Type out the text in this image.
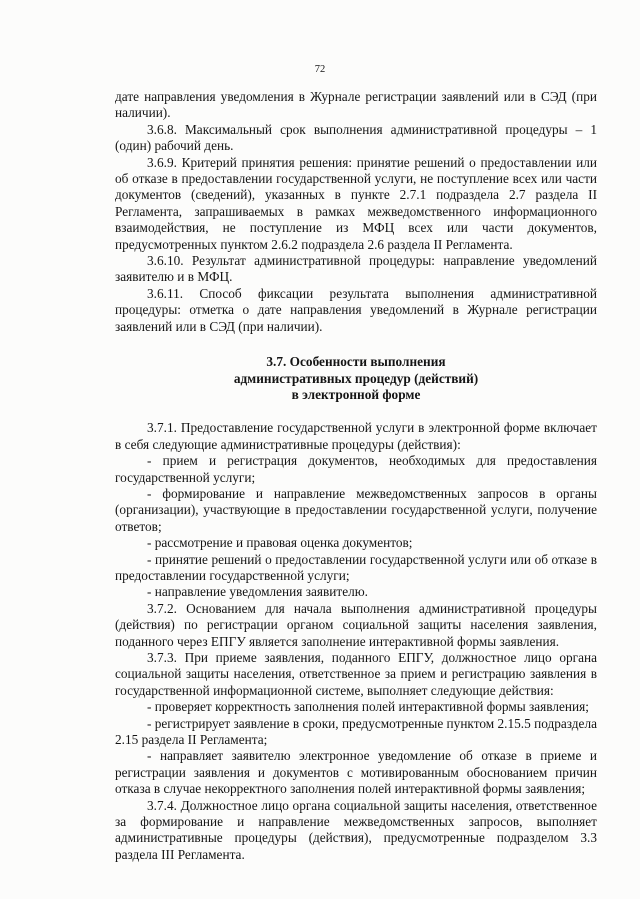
72

дате направления уведомления в Журнале регистрации заявлений или в СЭД (при наличии).

3.6.8. Максимальный срок выполнения административной процедуры – 1 (один) рабочий день.

3.6.9. Критерий принятия решения: принятие решений о предоставлении или об отказе в предоставлении государственной услуги, не поступление всех или части документов (сведений), указанных в пункте 2.7.1 подраздела 2.7 раздела II Регламента, запрашиваемых в рамках межведомственного информационного взаимодействия, не поступление из МФЦ всех или части документов, предусмотренных пунктом 2.6.2 подраздела 2.6 раздела II Регламента.

3.6.10. Результат административной процедуры: направление уведомлений заявителю и в МФЦ.

3.6.11. Способ фиксации результата выполнения административной процедуры: отметка о дате направления уведомлений в Журнале регистрации заявлений или в СЭД (при наличии).

3.7. Особенности выполнения

административных процедур (действий)

в электронной форме

3.7.1. Предоставление государственной услуги в электронной форме включает в себя следующие административные процедуры (действия):

- прием и регистрация документов, необходимых для предоставления государственной услуги;

- формирование и направление межведомственных запросов в органы (организации), участвующие в предоставлении государственной услуги, получение ответов;

- рассмотрение и правовая оценка документов;

- принятие решений о предоставлении государственной услуги или об отказе в предоставлении государственной услуги;

- направление уведомления заявителю.

3.7.2. Основанием для начала выполнения административной процедуры (действия) по регистрации органом социальной защиты населения заявления, поданного через ЕПГУ является заполнение интерактивной формы заявления.

3.7.3. При приеме заявления, поданного ЕПГУ, должностное лицо органа социальной защиты населения, ответственное за прием и регистрацию заявления в государственной информационной системе, выполняет следующие действия:

- проверяет корректность заполнения полей интерактивной формы заявления;

- регистрирует заявление в сроки, предусмотренные пунктом 2.15.5 подраздела 2.15 раздела II Регламента;

- направляет заявителю электронное уведомление об отказе в приеме и регистрации заявления и документов с мотивированным обоснованием причин отказа в случае некорректного заполнения полей интерактивной формы заявления;

3.7.4. Должностное лицо органа социальной защиты населения, ответственное за формирование и направление межведомственных запросов, выполняет административные процедуры (действия), предусмотренные подразделом 3.3 раздела III Регламента.
